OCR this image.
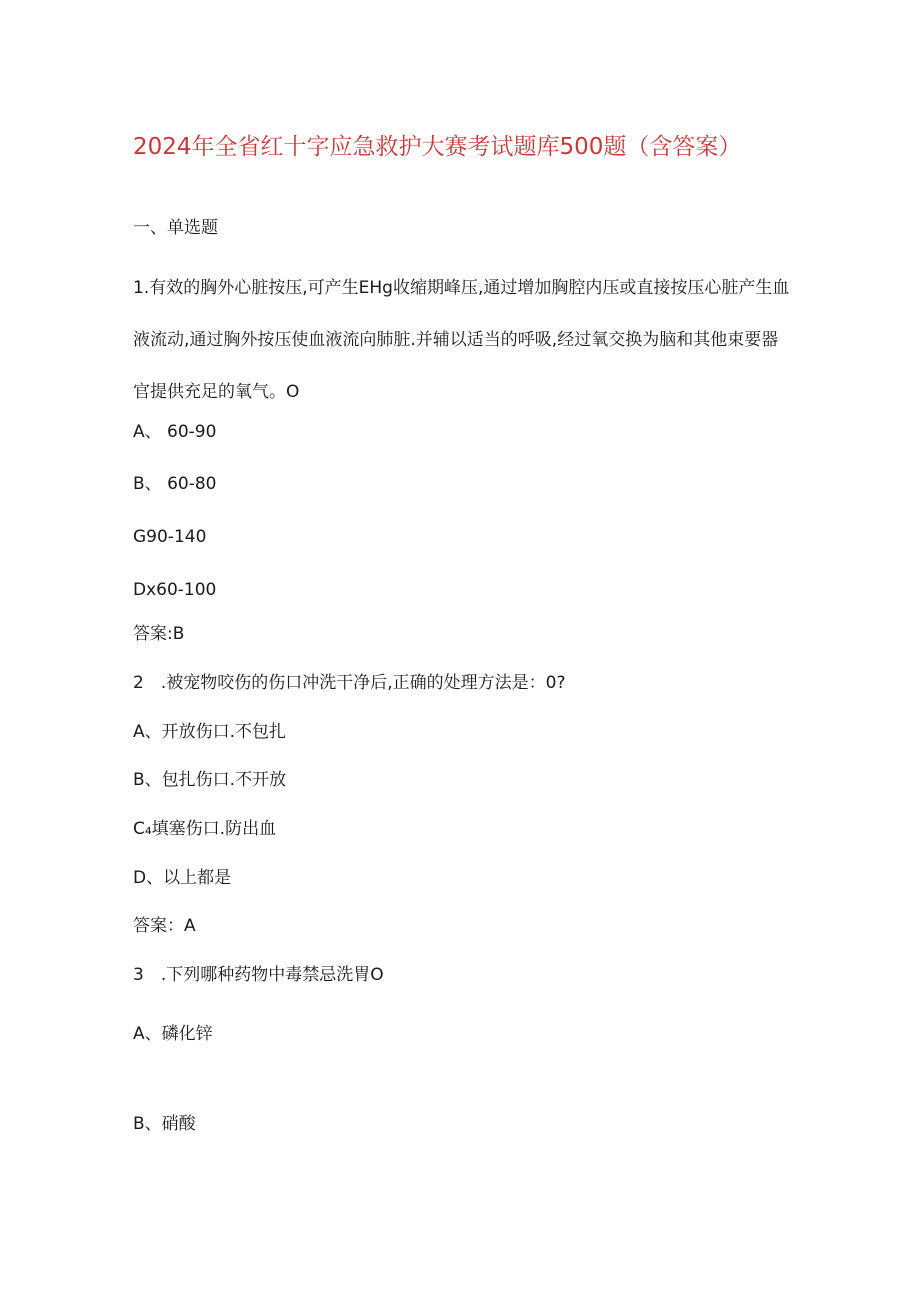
2024年全省红十字应急救护大赛考试题库500题（含答案）
一、单选题
1.有效的胸外心脏按压,可产生EHg收缩期峰压,通过增加胸腔内压或直接按压心脏产生血
液流动,通过胸外按压使血液流向肺脏.并辅以适当的呼吸,经过氧交换为脑和其他束要器
官提供充足的氧气。O
A、 60-90
B、 60-80
G90-140
Dx60-100
答案:B
2　.被宠物咬伤的伤口冲洗干净后,正确的处理方法是：0?
A、开放伤口.不包扎
B、包扎伤口.不开放
C₄填塞伤口.防出血
D、以上都是
答案：A
3　.下列哪种药物中毒禁忌洗胃O
A、磷化锌
B、硝酸
